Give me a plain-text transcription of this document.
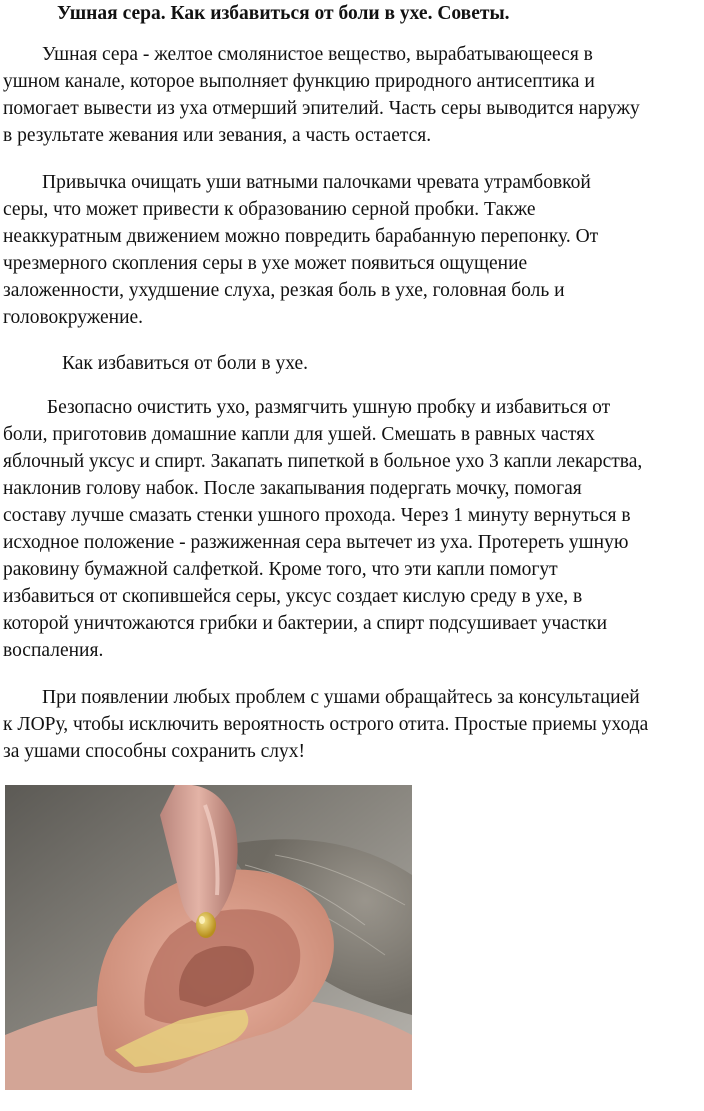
Ушная сера. Как избавиться от боли в ухе. Советы.

Ушная сера - желтое смолянистое вещество, вырабатывающееся в
ушном канале, которое выполняет функцию природного антисептика и
помогает вывести из уха отмерший эпителий. Часть серы выводится наружу
в результате жевания или зевания, а часть остается.

Привычка очищать уши ватными палочками чревата утрамбовкой
серы, что может привести к образованию серной пробки. Также
неаккуратным движением можно повредить барабанную перепонку. От
чрезмерного скопления серы в ухе может появиться ощущение
заложенности, ухудшение слуха, резкая боль в ухе, головная боль и
головокружение.

Как избавиться от боли в ухе.

Безопасно очистить ухо, размягчить ушную пробку и избавиться от
боли, приготовив домашние капли для ушей. Смешать в равных частях
яблочный уксус и спирт. Закапать пипеткой в больное ухо 3 капли лекарства,
наклонив голову набок. После закапывания подергать мочку, помогая
составу лучше смазать стенки ушного прохода. Через 1 минуту вернуться в
исходное положение - разжиженная сера вытечет из уха. Протереть ушную
раковину бумажной салфеткой. Кроме того, что эти капли помогут
избавиться от скопившейся серы, уксус создает кислую среду в ухе, в
которой уничтожаются грибки и бактерии, а спирт подсушивает участки
воспаления.

При появлении любых проблем с ушами обращайтесь за консультацией
к ЛОРу, чтобы исключить вероятность острого отита. Простые приемы ухода
за ушами способны сохранить слух!
